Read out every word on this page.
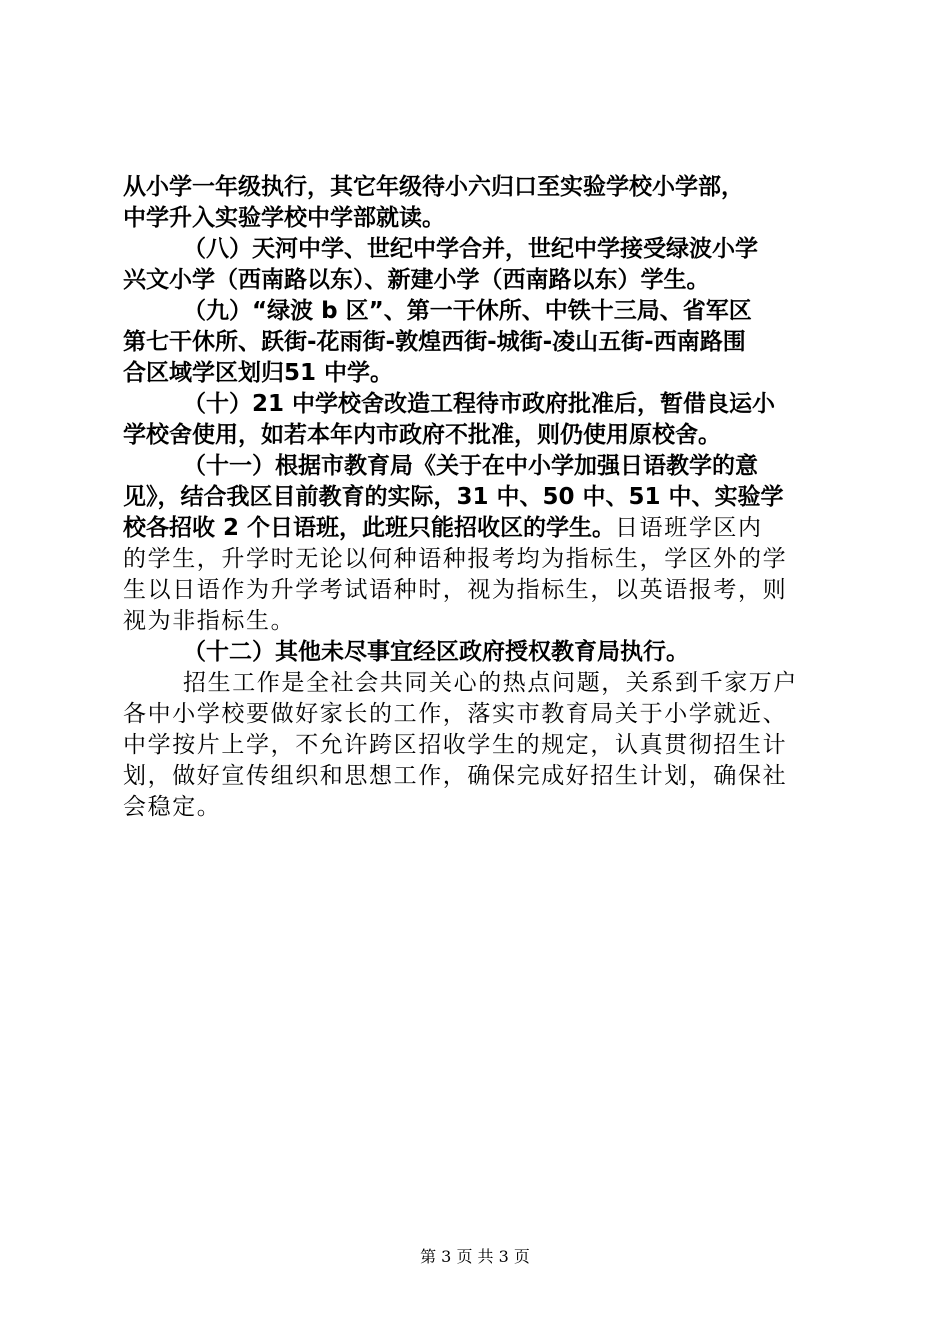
从小学一年级执行，其它年级待小六归口至实验学校小学部，
中学升入实验学校中学部就读。
（八）天河中学、世纪中学合并，世纪中学接受绿波小学
兴文小学（西南路以东）、新建小学（西南路以东）学生。
（九）“绿波 b 区”、第一干休所、中铁十三局、省军区
第七干休所、跃街-花雨街-敦煌西街-城街-凌山五街-西南路围
合区域学区划归51 中学。
（十）21 中学校舍改造工程待市政府批准后，暂借良运小
学校舍使用，如若本年内市政府不批准，则仍使用原校舍。
（十一）根据市教育局《关于在中小学加强日语教学的意
见》，结合我区目前教育的实际，31 中、50 中、51 中、实验学
校各招收 2 个日语班，此班只能招收区的学生。日语班学区内
的学生，升学时无论以何种语种报考均为指标生，学区外的学
生以日语作为升学考试语种时，视为指标生，以英语报考，则
视为非指标生。
（十二）其他未尽事宜经区政府授权教育局执行。
招生工作是全社会共同关心的热点问题，关系到千家万户
各中小学校要做好家长的工作，落实市教育局关于小学就近、
中学按片上学，不允许跨区招收学生的规定，认真贯彻招生计
划，做好宣传组织和思想工作，确保完成好招生计划，确保社
会稳定。
第 3 页 共 3 页
